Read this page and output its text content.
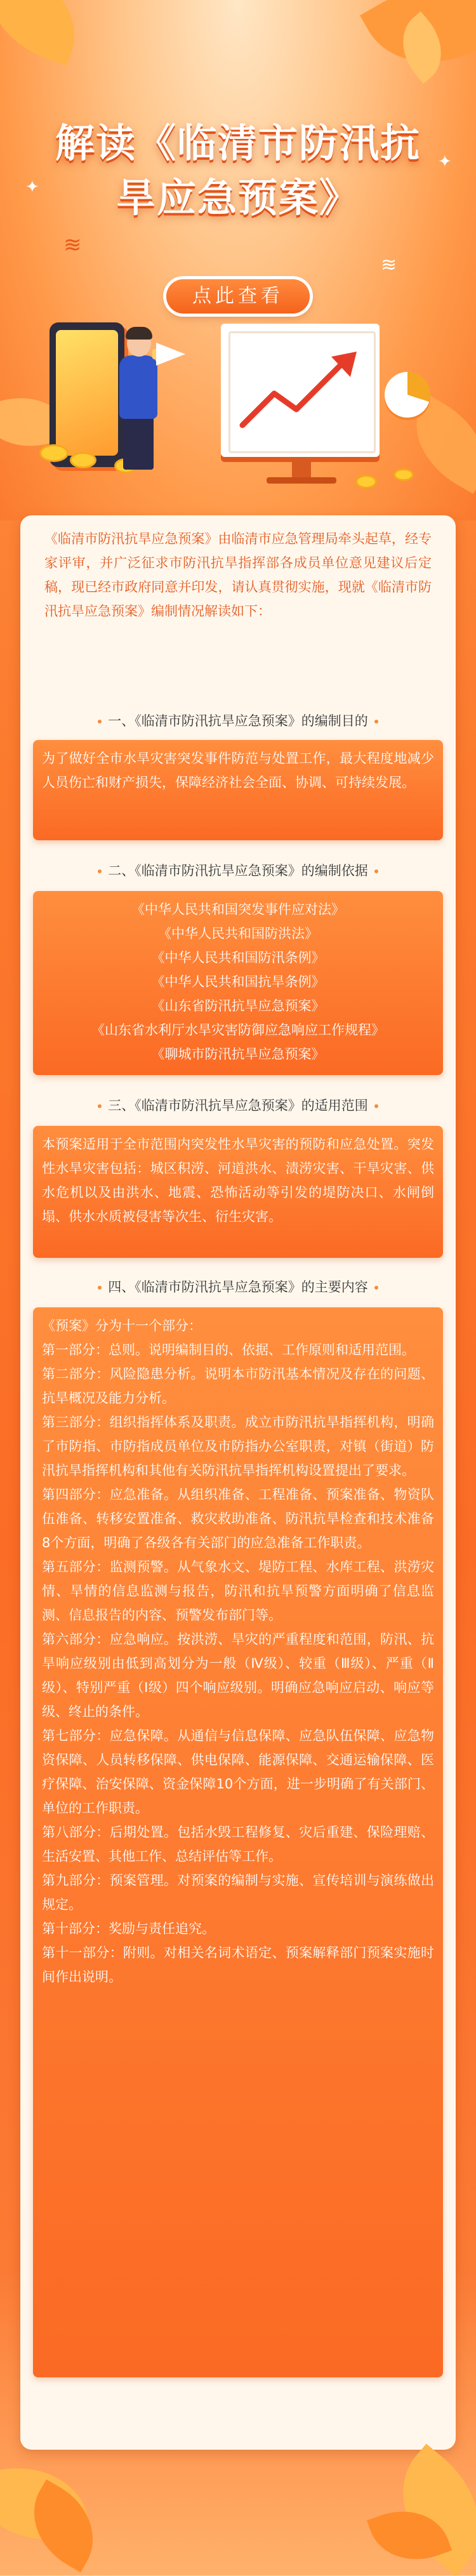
解读《临清市防汛抗
旱应急预案》
≋
≋
点此查看
✦
✦
《临清市防汛抗旱应急预案》由临清市应急管理局牵头起草，经专家评审，并广泛征求市防汛抗旱指挥部各成员单位意见建议后定稿，现已经市政府同意并印发，请认真贯彻实施，现就《临清市防汛抗旱应急预案》编制情况解读如下：
一、《临清市防汛抗旱应急预案》的编制目的

为了做好全市水旱灾害突发事件防范与处置工作，最大程度地减少人员伤亡和财产损失，保障经济社会全面、协调、可持续发展。

二、《临清市防汛抗旱应急预案》的编制依据

《中华人民共和国突发事件应对法》

《中华人民共和国防洪法》

《中华人民共和国防汛条例》

《中华人民共和国抗旱条例》

《山东省防汛抗旱应急预案》

《山东省水利厅水旱灾害防御应急响应工作规程》

《聊城市防汛抗旱应急预案》

三、《临清市防汛抗旱应急预案》的适用范围

本预案适用于全市范围内突发性水旱灾害的预防和应急处置。突发性水旱灾害包括：城区积涝、河道洪水、渍涝灾害、干旱灾害、供水危机以及由洪水、地震、恐怖活动等引发的堤防决口、水闸倒塌、供水水质被侵害等次生、衍生灾害。

四、《临清市防汛抗旱应急预案》的主要内容

《预案》分为十一个部分：

第一部分：总则。说明编制目的、依据、工作原则和适用范围。

第二部分：风险隐患分析。说明本市防汛基本情况及存在的问题、抗旱概况及能力分析。

第三部分：组织指挥体系及职责。成立市防汛抗旱指挥机构，明确了市防指、市防指成员单位及市防指办公室职责，对镇（街道）防汛抗旱指挥机构和其他有关防汛抗旱指挥机构设置提出了要求。

第四部分：应急准备。从组织准备、工程准备、预案准备、物资队伍准备、转移安置准备、救灾救助准备、防汛抗旱检查和技术准备8个方面，明确了各级各有关部门的应急准备工作职责。

第五部分：监测预警。从气象水文、堤防工程、水库工程、洪涝灾情、旱情的信息监测与报告，防汛和抗旱预警方面明确了信息监测、信息报告的内容、预警发布部门等。

第六部分：应急响应。按洪涝、旱灾的严重程度和范围，防汛、抗旱响应级别由低到高划分为一般（Ⅳ级）、较重（Ⅲ级）、严重（Ⅱ级）、特别严重（Ⅰ级）四个响应级别。明确应急响应启动、响应等级、终止的条件。

第七部分：应急保障。从通信与信息保障、应急队伍保障、应急物资保障、人员转移保障、供电保障、能源保障、交通运输保障、医疗保障、治安保障、资金保障10个方面，进一步明确了有关部门、单位的工作职责。

第八部分：后期处置。包括水毁工程修复、灾后重建、保险理赔、生活安置、其他工作、总结评估等工作。

第九部分：预案管理。对预案的编制与实施、宣传培训与演练做出规定。

第十部分：奖励与责任追究。

第十一部分：附则。对相关名词术语定、预案解释部门预案实施时间作出说明。
